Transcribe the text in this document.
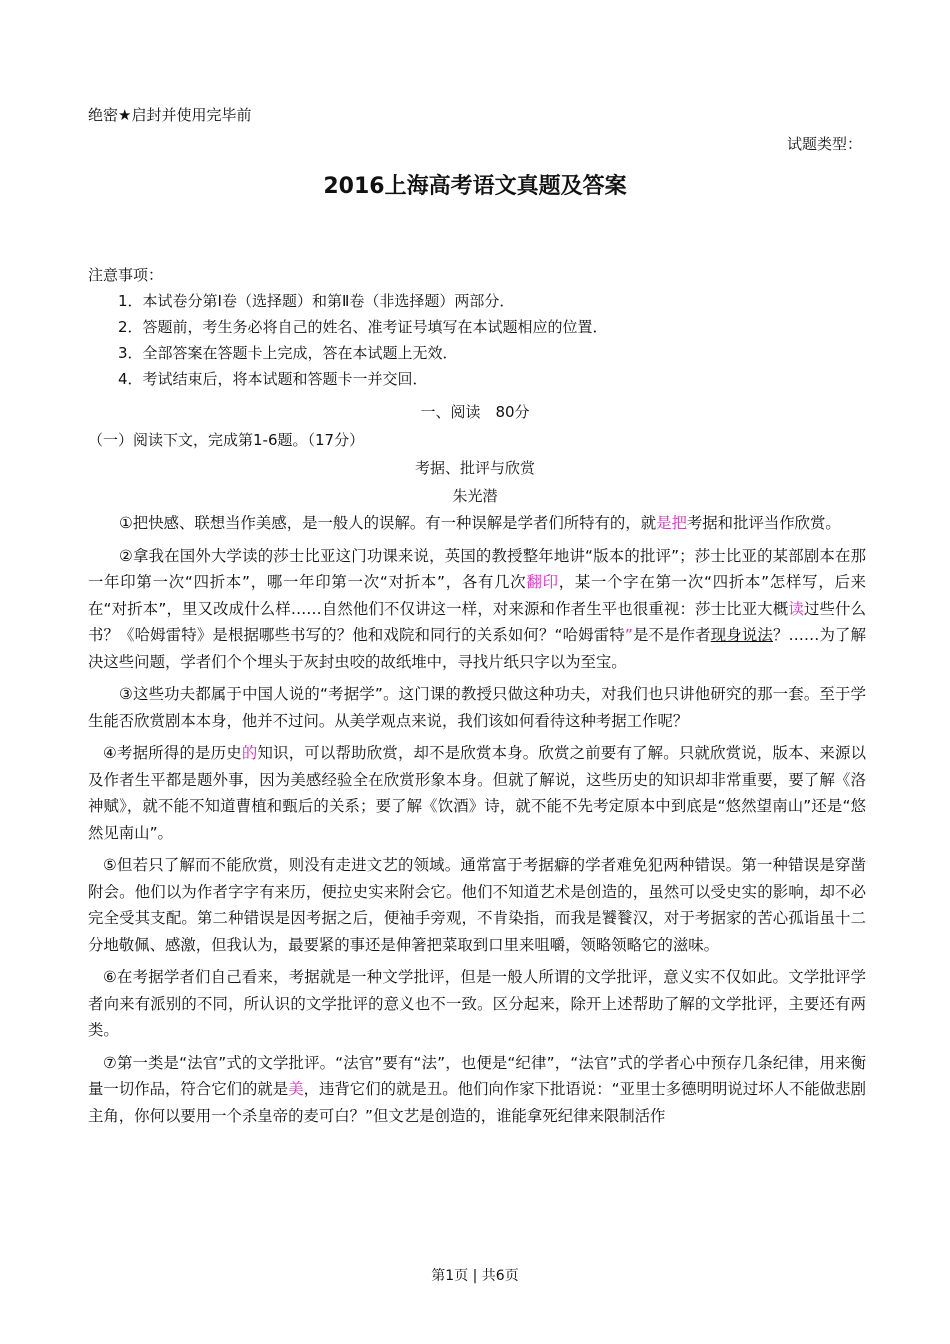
绝密★启封并使用完毕前
试题类型：
2016上海高考语文真题及答案
注意事项：
1．本试卷分第Ⅰ卷（选择题）和第Ⅱ卷（非选择题）两部分．
2．答题前，考生务必将自己的姓名、准考证号填写在本试题相应的位置．
3．全部答案在答题卡上完成，答在本试题上无效．
4．考试结束后，将本试题和答题卡一并交回．
一、阅读　80分
（一）阅读下文，完成第1-6题。（17分）
考据、批评与欣赏
朱光潜

①把快感、联想当作美感，是一般人的误解。有一种误解是学者们所特有的，就是把考据和批评当作欣赏。

②拿我在国外大学读的莎士比亚这门功课来说，英国的教授整年地讲“版本的批评”；莎士比亚的某部剧本在那一年印第一次“四折本”，哪一年印第一次“对折本”，各有几次翻印，某一个字在第一次“四折本”怎样写，后来在“对折本”，里又改成什么样……自然他们不仅讲这一样，对来源和作者生平也很重视：莎士比亚大概读过些什么书？《哈姆雷特》是根据哪些书写的？他和戏院和同行的关系如何？“哈姆雷特”是不是作者现身说法？……为了解决这些问题，学者们个个埋头于灰封虫咬的故纸堆中，寻找片纸只字以为至宝。

③这些功夫都属于中国人说的“考据学”。这门课的教授只做这种功夫，对我们也只讲他研究的那一套。至于学生能否欣赏剧本本身，他并不过问。从美学观点来说，我们该如何看待这种考据工作呢？

④考据所得的是历史的知识，可以帮助欣赏，却不是欣赏本身。欣赏之前要有了解。只就欣赏说，版本、来源以及作者生平都是题外事，因为美感经验全在欣赏形象本身。但就了解说，这些历史的知识却非常重要，要了解《洛神赋》，就不能不知道曹植和甄后的关系；要了解《饮酒》诗，就不能不先考定原本中到底是“悠然望南山”还是“悠然见南山”。

⑤但若只了解而不能欣赏，则没有走进文艺的领域。通常富于考据癖的学者难免犯两种错误。第一种错误是穿凿附会。他们以为作者字字有来历，便拉史实来附会它。他们不知道艺术是创造的，虽然可以受史实的影响，却不必完全受其支配。第二种错误是因考据之后，便袖手旁观，不肯染指，而我是饕餮汉，对于考据家的苦心孤诣虽十二分地敬佩、感激，但我认为，最要紧的事还是伸箸把菜取到口里来咀嚼，领略领略它的滋味。

⑥在考据学者们自己看来，考据就是一种文学批评，但是一般人所谓的文学批评，意义实不仅如此。文学批评学者向来有派别的不同，所认识的文学批评的意义也不一致。区分起来，除开上述帮助了解的文学批评，主要还有两类。

⑦第一类是“法官”式的文学批评。“法官”要有“法”，也便是“纪律”，“法官”式的学者心中预存几条纪律，用来衡量一切作品，符合它们的就是美，违背它们的就是丑。他们向作家下批语说：“亚里士多德明明说过坏人不能做悲剧主角，你何以要用一个杀皇帝的麦可白？”但文艺是创造的，谁能拿死纪律来限制活作

第1页 | 共6页
